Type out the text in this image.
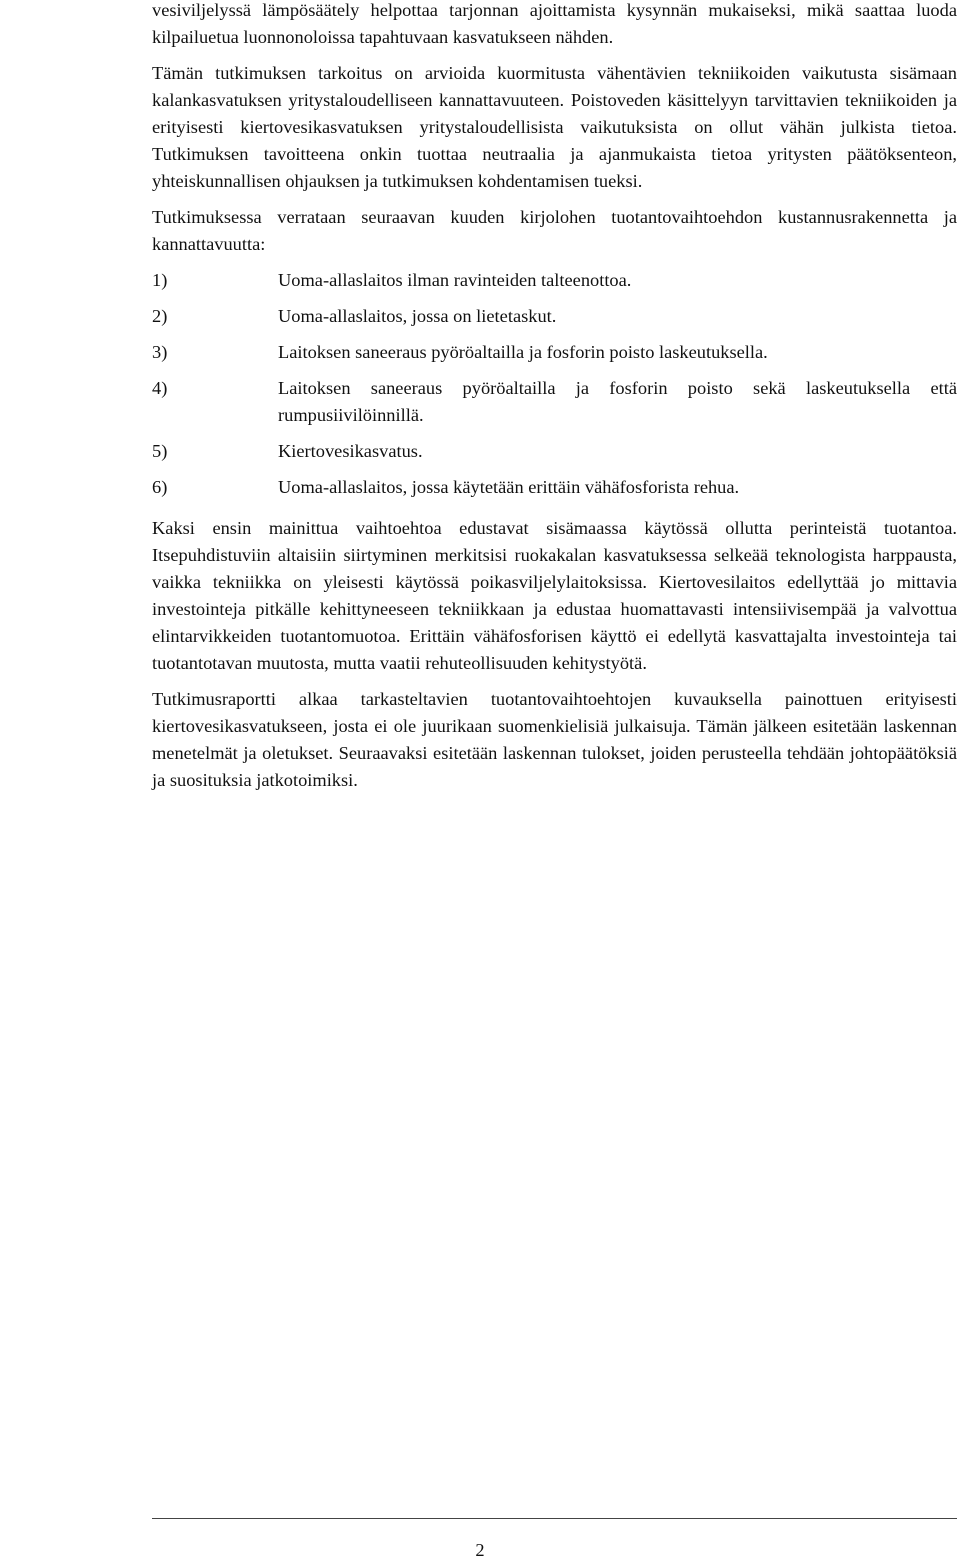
vesiviljelyssä lämpösäätely helpottaa tarjonnan ajoittamista kysynnän mukaiseksi, mikä saattaa luoda kilpailuetua luonnonoloissa tapahtuvaan kasvatukseen nähden.

Tämän tutkimuksen tarkoitus on arvioida kuormitusta vähentävien tekniikoiden vaikutusta sisämaan kalankasvatuksen yritystaloudelliseen kannattavuuteen. Poistoveden käsittelyyn tarvittavien tekniikoiden ja erityisesti kiertovesikasvatuksen yritystaloudellisista vaikutuksista on ollut vähän julkista tietoa. Tutkimuksen tavoitteena onkin tuottaa neutraalia ja ajanmukaista tietoa yritysten päätöksenteon, yhteiskunnallisen ohjauksen ja tutkimuksen kohdentamisen tueksi.

Tutkimuksessa verrataan seuraavan kuuden kirjolohen tuotantovaihtoehdon kustannusrakennetta ja kannattavuutta:

1)	Uoma-allaslaitos ilman ravinteiden talteenottoa.
2)	Uoma-allaslaitos, jossa on lietetaskut.
3)	Laitoksen saneeraus pyöröaltailla ja fosforin poisto laskeutuksella.
4)	Laitoksen saneeraus pyöröaltailla ja fosforin poisto sekä laskeutuksella että rumpusiivilöinnillä.
5)	Kiertovesikasvatus.
6)	Uoma-allaslaitos, jossa käytetään erittäin vähäfosforista rehua.

Kaksi ensin mainittua vaihtoehtoa edustavat sisämaassa käytössä ollutta perinteistä tuotantoa. Itsepuhdistuviin altaisiin siirtyminen merkitsisi ruokakalan kasvatuksessa selkeää teknologista harppausta, vaikka tekniikka on yleisesti käytössä poikasviljelylaitoksissa. Kiertovesilaitos edellyttää jo mittavia investointeja pitkälle kehittyneeseen tekniikkaan ja edustaa huomattavasti intensiivisempää ja valvottua elintarvikkeiden tuotantomuotoa. Erittäin vähäfosforisen käyttö ei edellytä kasvattajalta investointeja tai tuotantotavan muutosta, mutta vaatii rehuteollisuuden kehitystyötä.

Tutkimusraportti alkaa tarkasteltavien tuotantovaihtoehtojen kuvauksella painottuen erityisesti kiertovesikasvatukseen, josta ei ole juurikaan suomenkielisiä julkaisuja. Tämän jälkeen esitetään laskennan menetelmät ja oletukset. Seuraavaksi esitetään laskennan tulokset, joiden perusteella tehdään johtopäätöksiä ja suosituksia jatkotoimiksi.

2
